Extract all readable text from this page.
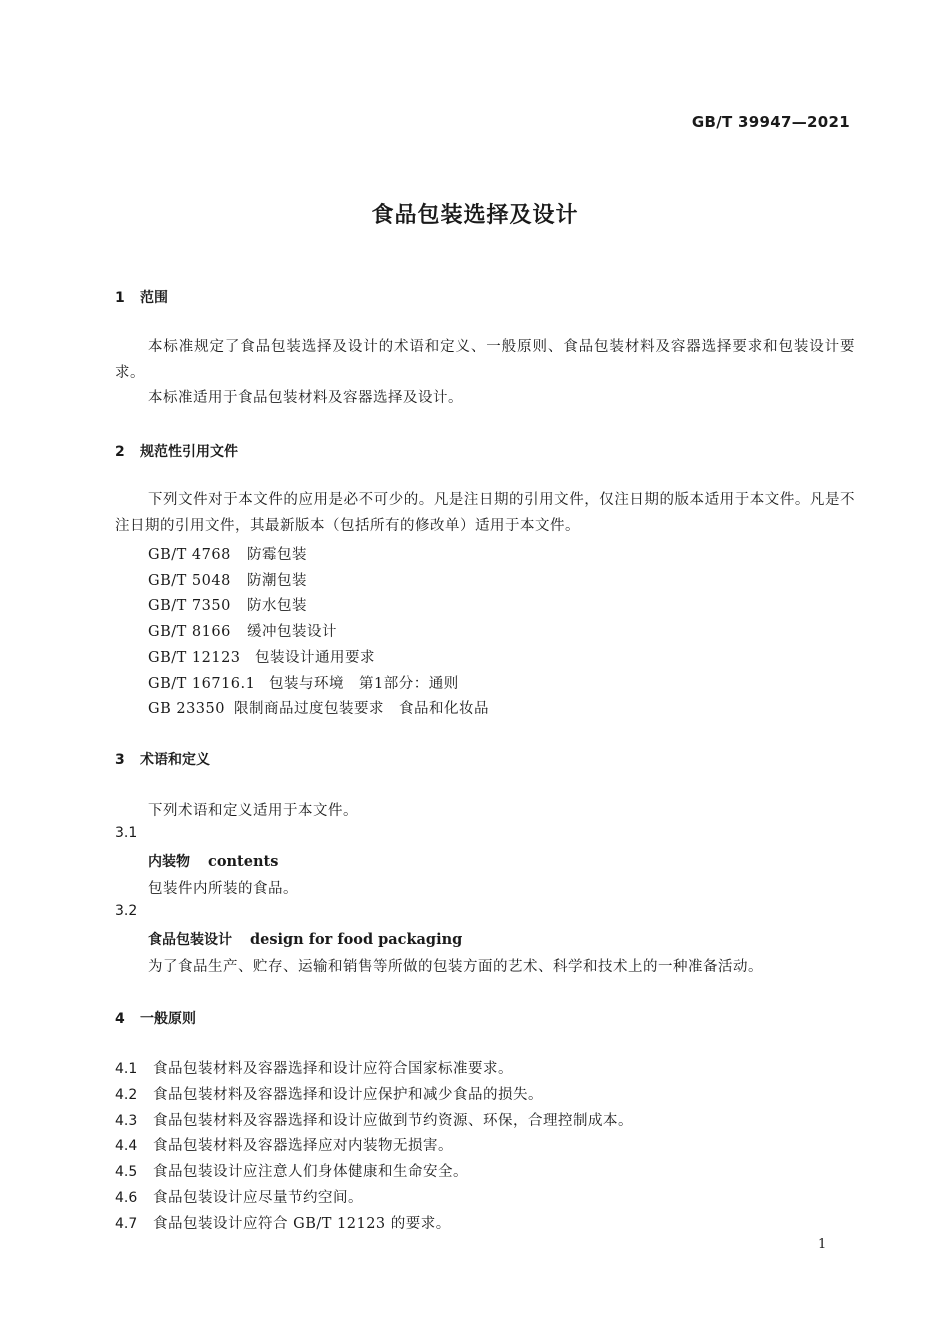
GB/T 39947—2021
食品包装选择及设计
1 范围

本标准规定了食品包装选择及设计的术语和定义、一般原则、食品包装材料及容器选择要求和包装设计要求。

本标准适用于食品包装材料及容器选择及设计。

2 规范性引用文件

下列文件对于本文件的应用是必不可少的。凡是注日期的引用文件，仅注日期的版本适用于本文件。凡是不注日期的引用文件，其最新版本（包括所有的修改单）适用于本文件。

GB/T 4768 防霉包装
GB/T 5048 防潮包装
GB/T 7350 防水包装
GB/T 8166 缓冲包装设计
GB/T 12123 包装设计通用要求
GB/T 16716.1 包装与环境　第1部分：通则
GB 23350 限制商品过度包装要求　食品和化妆品
3 术语和定义
下列术语和定义适用于本文件。
3.1
内装物 contents
包装件内所装的食品。
3.2
食品包装设计 design for food packaging
为了食品生产、贮存、运输和销售等所做的包装方面的艺术、科学和技术上的一种准备活动。
4 一般原则
4.1 食品包装材料及容器选择和设计应符合国家标准要求。
4.2 食品包装材料及容器选择和设计应保护和减少食品的损失。
4.3 食品包装材料及容器选择和设计应做到节约资源、环保，合理控制成本。
4.4 食品包装材料及容器选择应对内装物无损害。
4.5 食品包装设计应注意人们身体健康和生命安全。
4.6 食品包装设计应尽量节约空间。
4.7 食品包装设计应符合 GB/T 12123 的要求。
1
